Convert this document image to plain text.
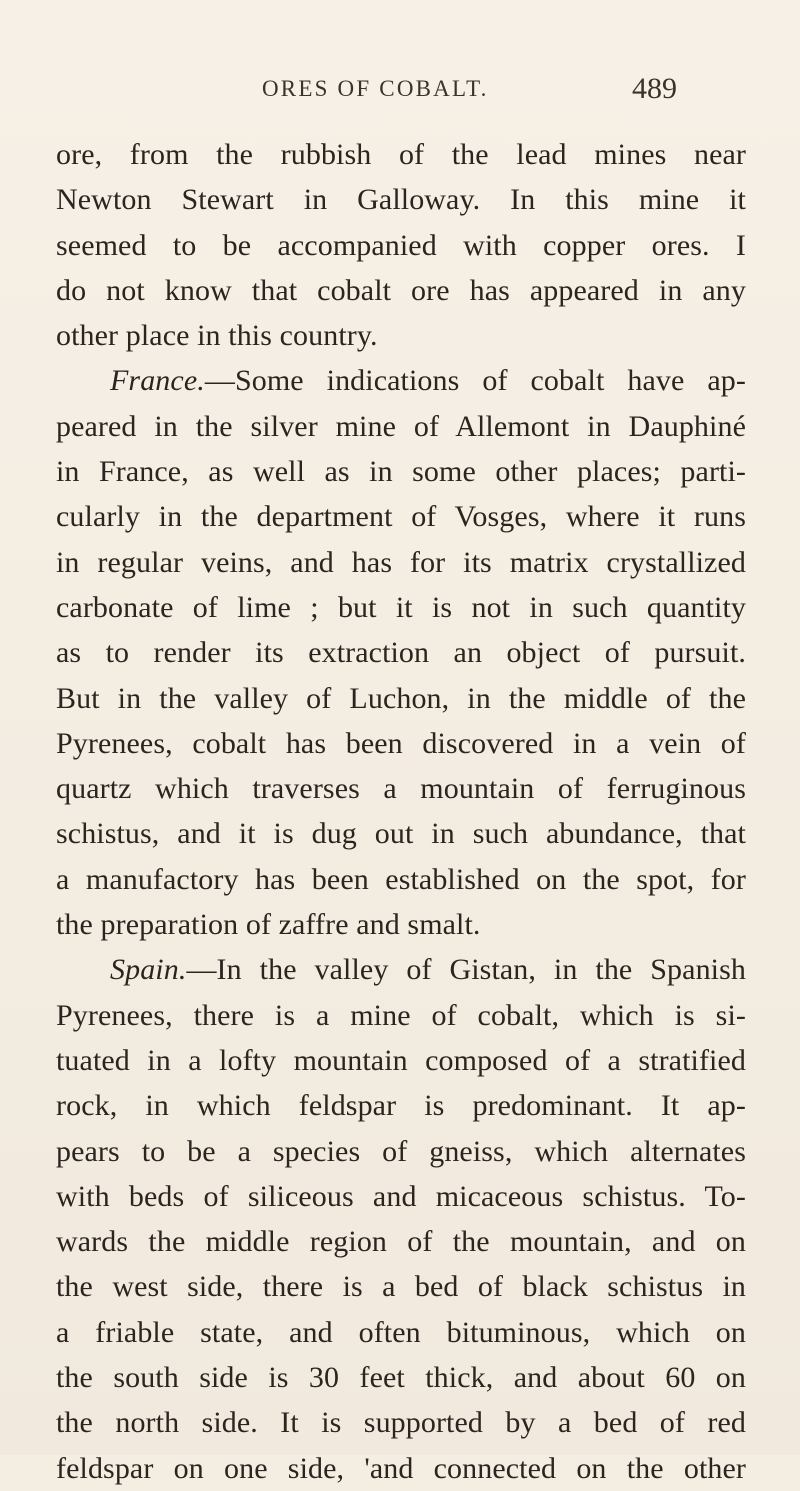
ORES OF COBALT.	489
ore, from the rubbish of the lead mines near
Newton Stewart in Galloway. In this mine it
seemed to be accompanied with copper ores. I
do not know that cobalt ore has appeared in any
other place in this country.
France.—Some indications of cobalt have ap-
peared in the silver mine of Allemont in Dauphiné
in France, as well as in some other places; parti-
cularly in the department of Vosges, where it runs
in regular veins, and has for its matrix crystallized
carbonate of lime ; but it is not in such quantity
as to render its extraction an object of pursuit.
But in the valley of Luchon, in the middle of the
Pyrenees, cobalt has been discovered in a vein of
quartz which traverses a mountain of ferruginous
schistus, and it is dug out in such abundance, that
a manufactory has been established on the spot, for
the preparation of zaffre and smalt.
Spain.—In the valley of Gistan, in the Spanish
Pyrenees, there is a mine of cobalt, which is si-
tuated in a lofty mountain composed of a stratified
rock, in which feldspar is predominant. It ap-
pears to be a species of gneiss, which alternates
with beds of siliceous and micaceous schistus. To-
wards the middle region of the mountain, and on
the west side, there is a bed of black schistus in
a friable state, and often bituminous, which on
the south side is 30 feet thick, and about 60 on
the north side. It is supported by a bed of red
feldspar on one side, 'and connected on the other
